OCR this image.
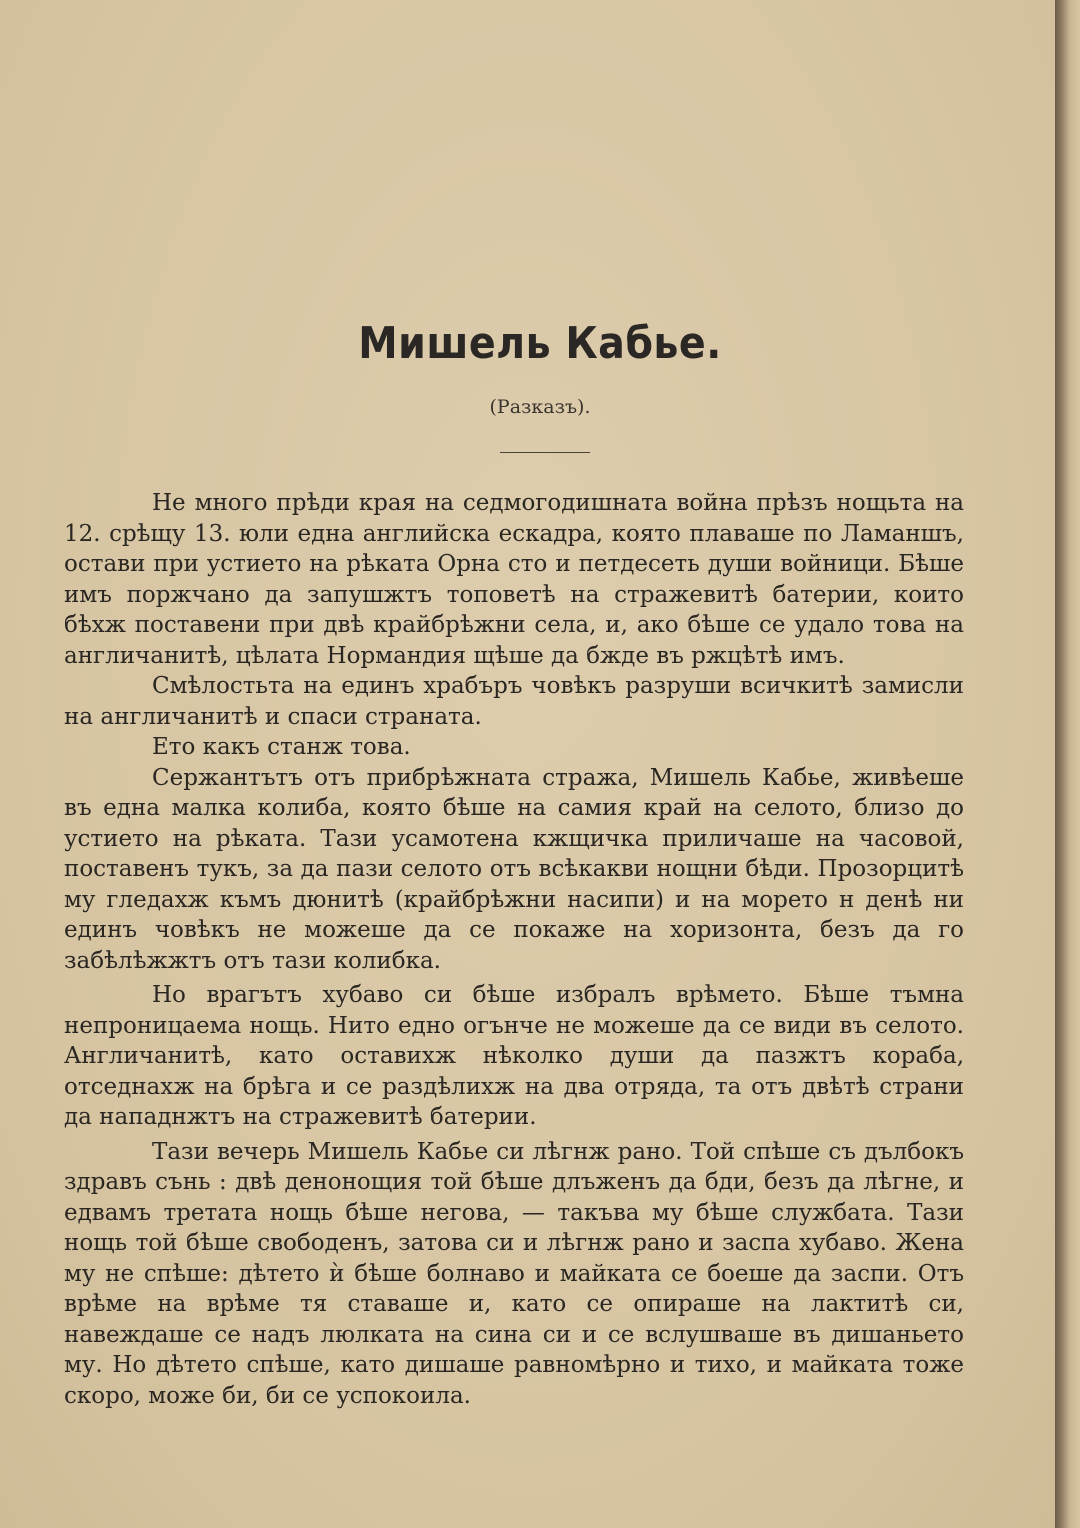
Мишель Кабье.
(Разказъ).

Не много прѣди края на седмогодишната война прѣзъ нощьта на 12. срѣщу 13. юли една английска ескадра, която плаваше по Ламаншъ, остави при устието на рѣката Орна сто и петдесеть души войници. Бѣше имъ поржчано да запушжтъ топоветѣ на стражевитѣ батерии, които бѣхж поставени при двѣ крайбрѣжни села, и, ако бѣше се удало това на англичанитѣ, цѣлата Нормандия щѣше да бжде въ ржцѣтѣ имъ.

Смѣлостьта на единъ храбъръ човѣкъ разруши всичкитѣ замисли на англичанитѣ и спаси страната.

Ето какъ станж това.

Сержантътъ отъ прибрѣжната стража, Мишель Кабье, живѣеше въ една малка колиба, която бѣше на самия край на селото, близо до устието на рѣката. Тази усамотена кжщичка приличаше на часовой, поставенъ тукъ, за да пази селото отъ всѣкакви нощни бѣди. Прозорцитѣ му гледахж къмъ дюнитѣ (крайбрѣжни насипи) и на морето н денѣ ни единъ човѣкъ не можеше да се покаже на хоризонта, безъ да го забѣлѣжжтъ отъ тази колибка.

Но врагътъ хубаво си бѣше избралъ врѣмето. Бѣше тъмна непроницаема нощь. Нито едно огънче не можеше да се види въ селото. Англичанитѣ, като оставихж нѣколко души да пазжтъ кораба, отседнахж на брѣга и се раздѣлихж на два отряда, та отъ двѣтѣ страни да нападнжтъ на стражевитѣ батерии.

Тази вечерь Мишель Кабье си лѣгнж рано. Той спѣше съ дълбокъ здравъ сънь : двѣ денонощия той бѣше длъженъ да бди, безъ да лѣгне, и едвамъ третата нощь бѣше негова, — такъва му бѣше службата. Тази нощь той бѣше свободенъ, затова си и лѣгнж рано и заспа хубаво. Жена му не спѣше: дѣтето ѝ бѣше болнаво и майката се боеше да заспи. Отъ врѣме на врѣме тя ставаше и, като се опираше на лактитѣ си, навеждаше се надъ люлката на сина си и се вслушваше въ дишаньето му. Но дѣтето спѣше, като дишаше равномѣрно и тихо, и майката тоже скоро, може би, би се успокоила.
